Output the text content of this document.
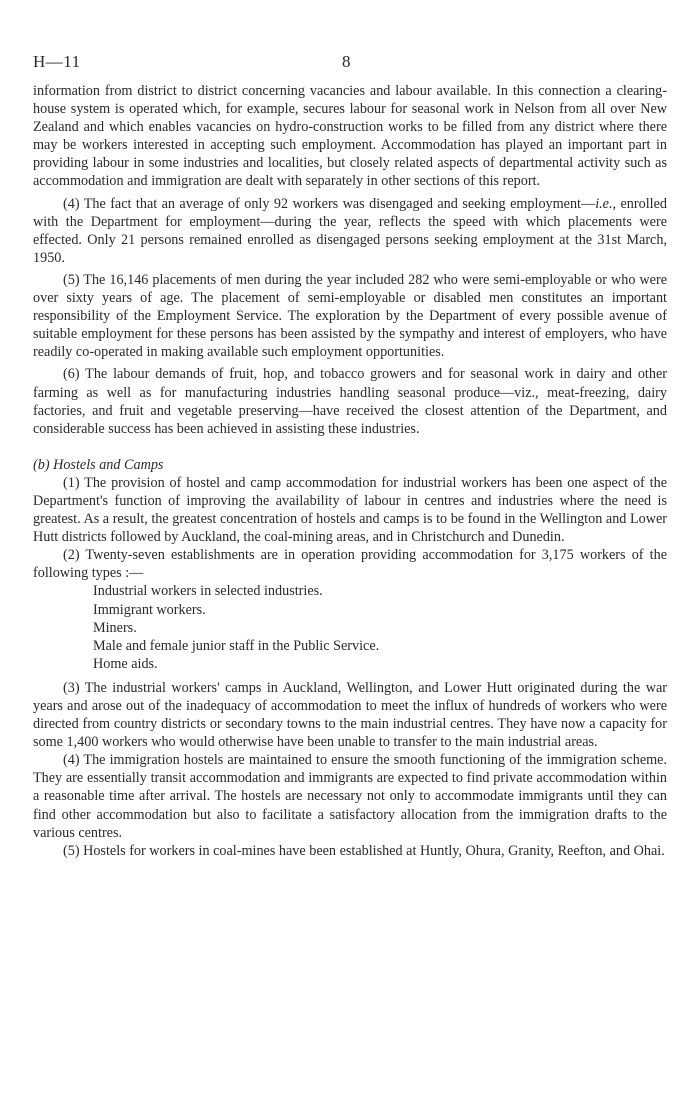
H—11	8

information from district to district concerning vacancies and labour available. In this connection a clearing-house system is operated which, for example, secures labour for seasonal work in Nelson from all over New Zealand and which enables vacancies on hydro-construction works to be filled from any district where there may be workers interested in accepting such employment. Accommodation has played an important part in providing labour in some industries and localities, but closely related aspects of departmental activity such as accommodation and immigration are dealt with separately in other sections of this report.

(4) The fact that an average of only 92 workers was disengaged and seeking employment—i.e., enrolled with the Department for employment—during the year, reflects the speed with which placements were effected. Only 21 persons remained enrolled as disengaged persons seeking employment at the 31st March, 1950.

(5) The 16,146 placements of men during the year included 282 who were semi-employable or who were over sixty years of age. The placement of semi-employable or disabled men constitutes an important responsibility of the Employment Service. The exploration by the Department of every possible avenue of suitable employment for these persons has been assisted by the sympathy and interest of employers, who have readily co-operated in making available such employment opportunities.

(6) The labour demands of fruit, hop, and tobacco growers and for seasonal work in dairy and other farming as well as for manufacturing industries handling seasonal produce—viz., meat-freezing, dairy factories, and fruit and vegetable preserving—have received the closest attention of the Department, and considerable success has been achieved in assisting these industries.

(b) Hostels and Camps

(1) The provision of hostel and camp accommodation for industrial workers has been one aspect of the Department's function of improving the availability of labour in centres and industries where the need is greatest. As a result, the greatest concentration of hostels and camps is to be found in the Wellington and Lower Hutt districts followed by Auckland, the coal-mining areas, and in Christchurch and Dunedin.

(2) Twenty-seven establishments are in operation providing accommodation for 3,175 workers of the following types :—

Industrial workers in selected industries.
Immigrant workers.
Miners.
Male and female junior staff in the Public Service.
Home aids.

(3) The industrial workers' camps in Auckland, Wellington, and Lower Hutt originated during the war years and arose out of the inadequacy of accommodation to meet the influx of hundreds of workers who were directed from country districts or secondary towns to the main industrial centres. They have now a capacity for some 1,400 workers who would otherwise have been unable to transfer to the main industrial areas.

(4) The immigration hostels are maintained to ensure the smooth functioning of the immigration scheme. They are essentially transit accommodation and immigrants are expected to find private accommodation within a reasonable time after arrival. The hostels are necessary not only to accommodate immigrants until they can find other accommodation but also to facilitate a satisfactory allocation from the immigration drafts to the various centres.

(5) Hostels for workers in coal-mines have been established at Huntly, Ohura, Granity, Reefton, and Ohai.
